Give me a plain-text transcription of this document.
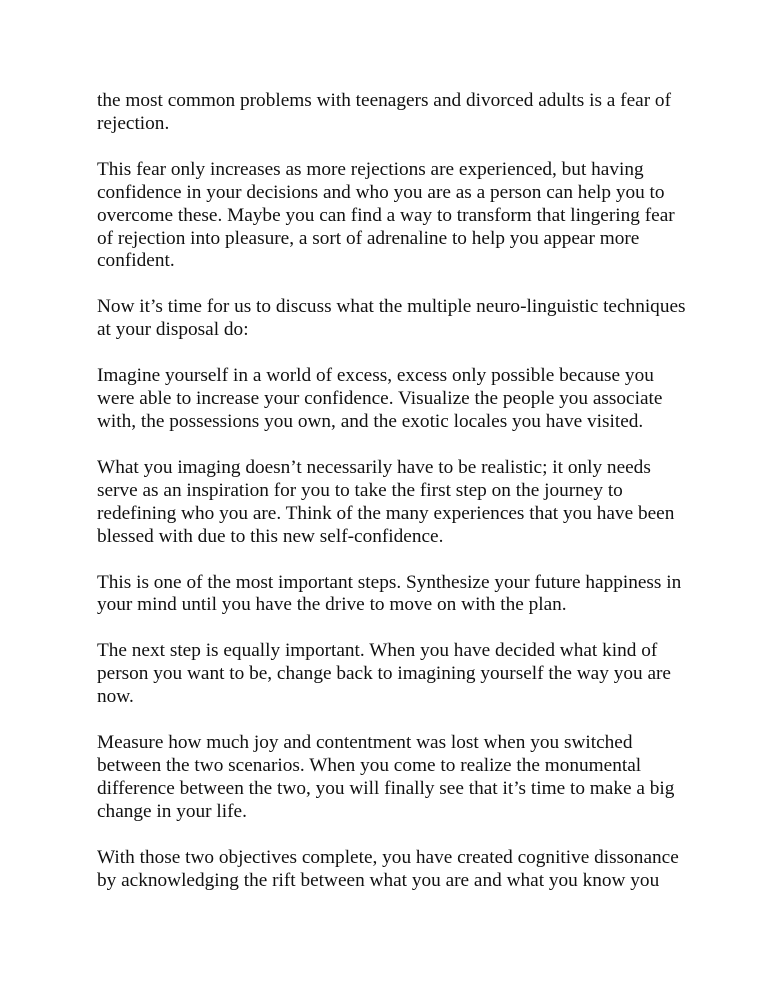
the most common problems with teenagers and divorced adults is a fear of rejection.

This fear only increases as more rejections are experienced, but having confidence in your decisions and who you are as a person can help you to overcome these. Maybe you can find a way to transform that lingering fear of rejection into pleasure, a sort of adrenaline to help you appear more confident.

Now it’s time for us to discuss what the multiple neuro-linguistic techniques at your disposal do:

Imagine yourself in a world of excess, excess only possible because you were able to increase your confidence. Visualize the people you associate with, the possessions you own, and the exotic locales you have visited.

What you imaging doesn’t necessarily have to be realistic; it only needs serve as an inspiration for you to take the first step on the journey to redefining who you are. Think of the many experiences that you have been blessed with due to this new self-confidence.

This is one of the most important steps. Synthesize your future happiness in your mind until you have the drive to move on with the plan.

The next step is equally important. When you have decided what kind of person you want to be, change back to imagining yourself the way you are now.

Measure how much joy and contentment was lost when you switched between the two scenarios. When you come to realize the monumental difference between the two, you will finally see that it’s time to make a big change in your life.

With those two objectives complete, you have created cognitive dissonance by acknowledging the rift between what you are and what you know you
